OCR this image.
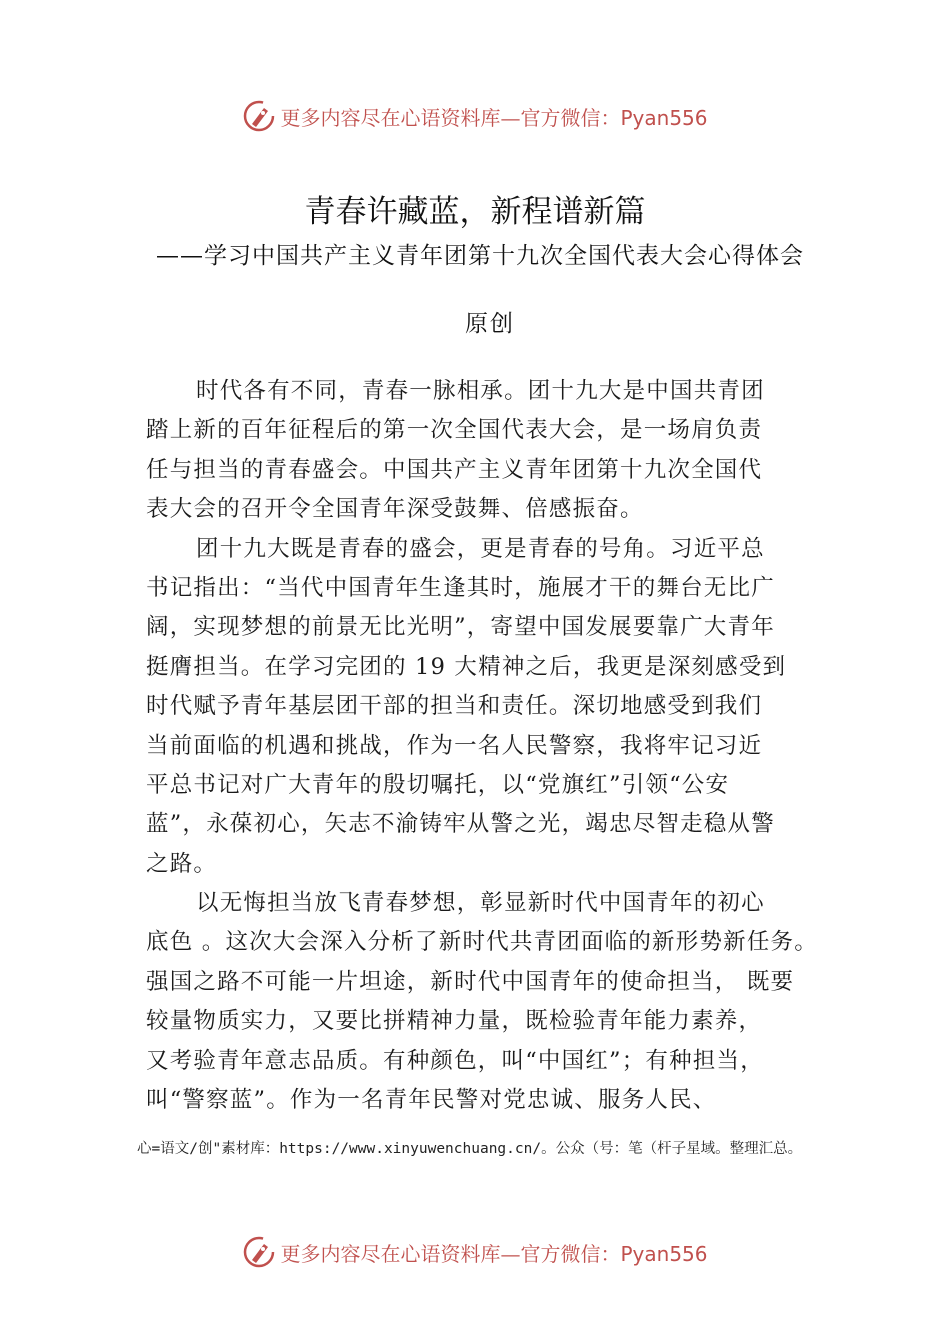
更多内容尽在心语资料库—官方微信：Pyan556
青春许藏蓝，新程谱新篇
——学习中国共产主义青年团第十九次全国代表大会心得体会
原创
时代各有不同，青春一脉相承。团十九大是中国共青团
踏上新的百年征程后的第一次全国代表大会，是一场肩负责
任与担当的青春盛会。中国共产主义青年团第十九次全国代
表大会的召开令全国青年深受鼓舞、倍感振奋。
团十九大既是青春的盛会，更是青春的号角。习近平总
书记指出：“当代中国青年生逢其时，施展才干的舞台无比广
阔，实现梦想的前景无比光明”，寄望中国发展要靠广大青年
挺膺担当。在学习完团的 19 大精神之后，我更是深刻感受到
时代赋予青年基层团干部的担当和责任。深切地感受到我们
当前面临的机遇和挑战，作为一名人民警察，我将牢记习近
平总书记对广大青年的殷切嘱托，以“党旗红”引领“公安
蓝”，永葆初心，矢志不渝铸牢从警之光，竭忠尽智走稳从警
之路。
以无悔担当放飞青春梦想，彰显新时代中国青年的初心
底色 。这次大会深入分析了新时代共青团面临的新形势新任务。
强国之路不可能一片坦途，新时代中国青年的使命担当， 既要
较量物质实力，又要比拼精神力量，既检验青年能力素养，
又考验青年意志品质。有种颜色，叫“中国红”；有种担当，
叫“警察蓝”。作为一名青年民警对党忠诚、服务人民、
心=语文/创"素材库：https://www.xinyuwenchuang.cn/。公众（号：笔（杆子星域。整理汇总。
更多内容尽在心语资料库—官方微信：Pyan556
